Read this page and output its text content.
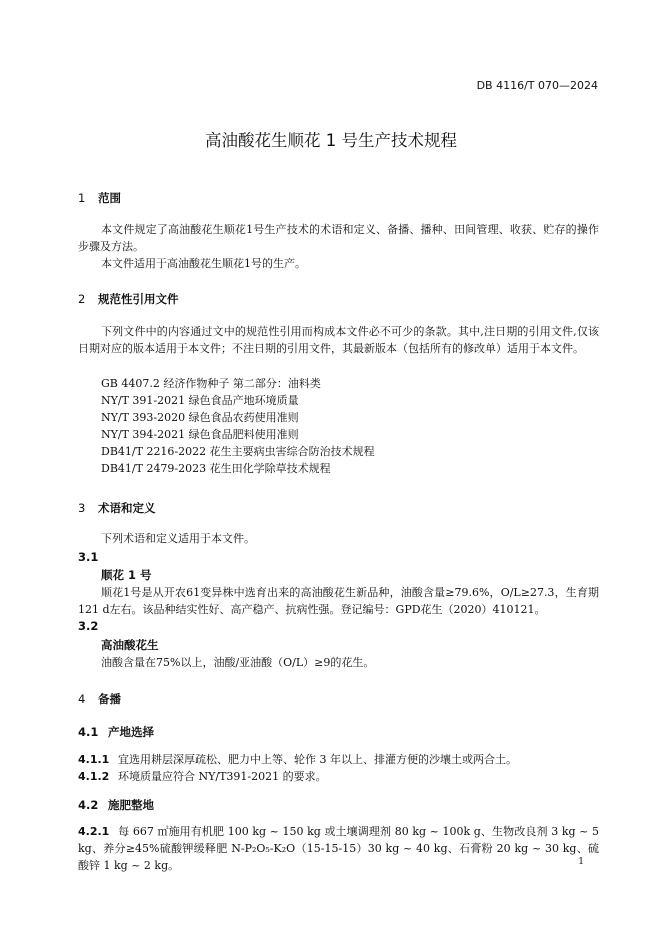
DB 4116/T 070—2024
高油酸花生顺花 1 号生产技术规程
1 范围
本文件规定了高油酸花生顺花1号生产技术的术语和定义、备播、播种、田间管理、收获、贮存的操作步骤及方法。
本文件适用于高油酸花生顺花1号的生产。
2 规范性引用文件
下列文件中的内容通过文中的规范性引用而构成本文件必不可少的条款。其中,注日期的引用文件,仅该日期对应的版本适用于本文件；不注日期的引用文件，其最新版本（包括所有的修改单）适用于本文件。
GB 4407.2 经济作物种子 第二部分：油料类
NY/T 391-2021 绿色食品产地环境质量
NY/T 393-2020 绿色食品农药使用准则
NY/T 394-2021 绿色食品肥料使用准则
DB41/T 2216-2022 花生主要病虫害综合防治技术规程
DB41/T 2479-2023 花生田化学除草技术规程
3 术语和定义
下列术语和定义适用于本文件。
3.1
顺花 1 号
顺花1号是从开农61变异株中选育出来的高油酸花生新品种，油酸含量≥79.6%，O/L≥27.3，生育期121 d左右。该品种结实性好、高产稳产、抗病性强。登记编号：GPD花生（2020）410121。
3.2
高油酸花生
油酸含量在75%以上，油酸/亚油酸（O/L）≥9的花生。
4 备播
4.1 产地选择
4.1.1 宜选用耕层深厚疏松、肥力中上等、轮作 3 年以上、排灌方便的沙壤土或两合土。
4.1.2 环境质量应符合 NY/T391-2021 的要求。
4.2 施肥整地
4.2.1 每 667 ㎡施用有机肥 100 kg ~ 150 kg 或土壤调理剂 80 kg ~ 100k g、生物改良剂 3 kg ~ 5 kg、养分≥45%硫酸钾缓释肥 N-P₂O₅-K₂O（15-15-15）30 kg ~ 40 kg、石膏粉 20 kg ~ 30 kg、硫酸锌 1 kg ~ 2 kg。	1
